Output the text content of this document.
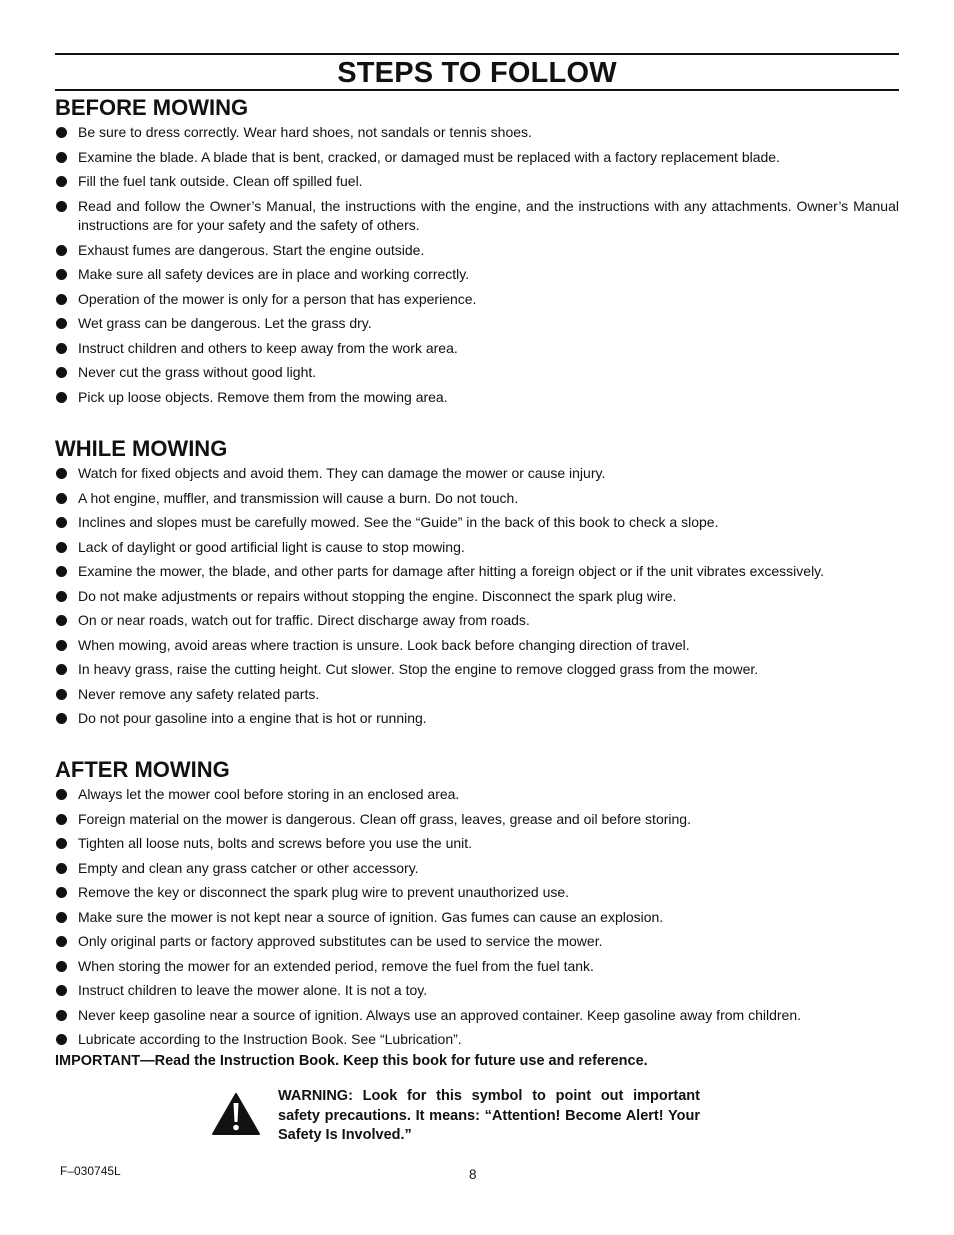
STEPS TO FOLLOW
BEFORE MOWING
Be sure to dress correctly. Wear hard shoes, not sandals or tennis shoes.
Examine the blade. A blade that is bent, cracked, or damaged must be replaced with a factory replacement blade.
Fill the fuel tank outside. Clean off spilled fuel.
Read and follow the Owner’s Manual, the instructions with the engine, and the instructions with any attachments. Owner’s Manual instructions are for your safety and the safety of others.
Exhaust fumes are dangerous. Start the engine outside.
Make sure all safety devices are in place and working correctly.
Operation of the mower is only for a person that has experience.
Wet grass can be dangerous. Let the grass dry.
Instruct children and others to keep away from the work area.
Never cut the grass without good light.
Pick up loose objects. Remove them from the mowing area.
WHILE MOWING
Watch for fixed objects and avoid them. They can damage the mower or cause injury.
A hot engine, muffler, and transmission will cause a burn. Do not touch.
Inclines and slopes must be carefully mowed. See the “Guide” in the back of this book to check a slope.
Lack of daylight or good artificial light is cause to stop mowing.
Examine the mower, the blade, and other parts for damage after hitting a foreign object or if the unit vibrates excessively.
Do not make adjustments or repairs without stopping the engine. Disconnect the spark plug wire.
On or near roads, watch out for traffic. Direct discharge away from roads.
When mowing, avoid areas where traction is unsure. Look back before changing direction of travel.
In heavy grass, raise the cutting height. Cut slower. Stop the engine to remove clogged grass from the mower.
Never remove any safety related parts.
Do not pour gasoline into a engine that is hot or running.
AFTER MOWING
Always let the mower cool before storing in an enclosed area.
Foreign material on the mower is dangerous. Clean off grass, leaves, grease and oil before storing.
Tighten all loose nuts, bolts and screws before you use the unit.
Empty and clean any grass catcher or other accessory.
Remove the key or disconnect the spark plug wire to prevent unauthorized use.
Make sure the mower is not kept near a source of ignition. Gas fumes can cause an explosion.
Only original parts or factory approved substitutes can be used to service the mower.
When storing the mower for an extended period, remove the fuel from the fuel tank.
Instruct children to leave the mower alone. It is not a toy.
Never keep gasoline near a source of ignition. Always use an approved container. Keep gasoline away from children.
Lubricate according to the Instruction Book. See “Lubrication”.
IMPORTANT—Read the Instruction Book. Keep this book for future use and reference.
WARNING: Look for this symbol to point out important safety precautions. It means: “Attention! Become Alert! Your Safety Is Involved.”
F–030745L	8
